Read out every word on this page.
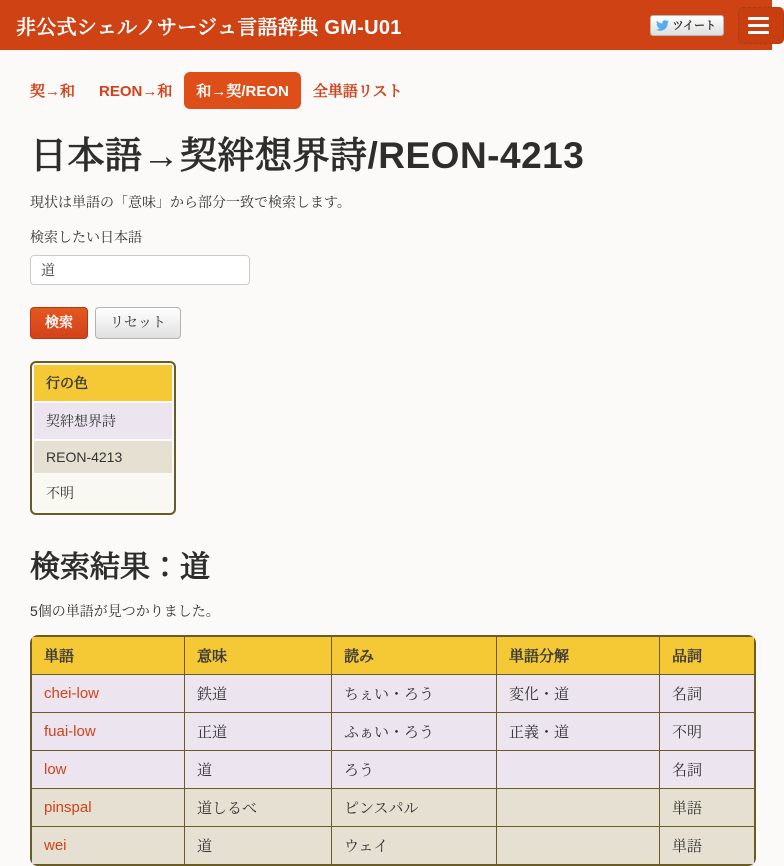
非公式シェルノサージュ言語辞典 GM-U01	ツイート
契→和	REON→和	和→契/REON	全単語リスト
日本語→契絆想界詩/REON-4213

現状は単語の「意味」から部分一致で検索します。

検索したい日本語
道
検索	リセット
行の色
契絆想界詩
REON-4213
不明
検索結果：道

5個の単語が見つかりました。

単語	意味	読み	単語分解	品詞
chei-low	鉄道	ちぇい・ろう	変化・道	名詞
fuai-low	正道	ふぁい・ろう	正義・道	不明
low	道	ろう		名詞
pinspal	道しるべ	ピンスパル		単語
wei	道	ウェイ		単語
